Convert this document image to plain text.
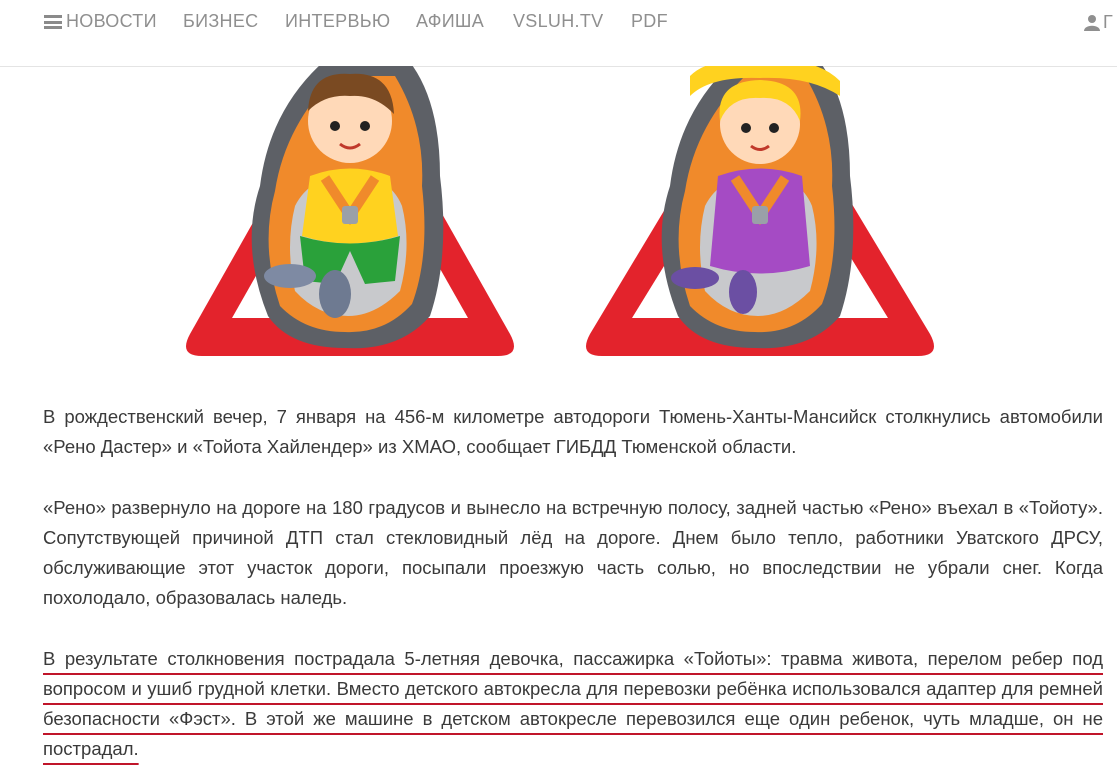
НОВОСТИ БИЗНЕС ИНТЕРВЬЮ АФИША VSLUH.TV PDF	Г

В рождественский вечер, 7 января на 456-м километре автодороги Тюмень-Ханты-Мансийск столкнулись автомобили «Рено Дастер» и «Тойота Хайлендер» из ХМАО, сообщает ГИБДД Тюменской области.

«Рено» развернуло на дороге на 180 градусов и вынесло на встречную полосу, задней частью «Рено» въехал в «Тойоту». Сопутствующей причиной ДТП стал стекловидный лёд на дороге. Днем было тепло, работники Уватского ДРСУ, обслуживающие этот участок дороги, посыпали проезжую часть солью, но впоследствии не убрали снег. Когда похолодало, образовалась наледь.

В результате столкновения пострадала 5-летняя девочка, пассажирка «Тойоты»: травма живота, перелом ребер под вопросом и ушиб грудной клетки. Вместо детского автокресла для перевозки ребёнка использовался адаптер для ремней безопасности «Фэст». В этой же машине в детском автокресле перевозился еще один ребенок, чуть младше, он не пострадал.
